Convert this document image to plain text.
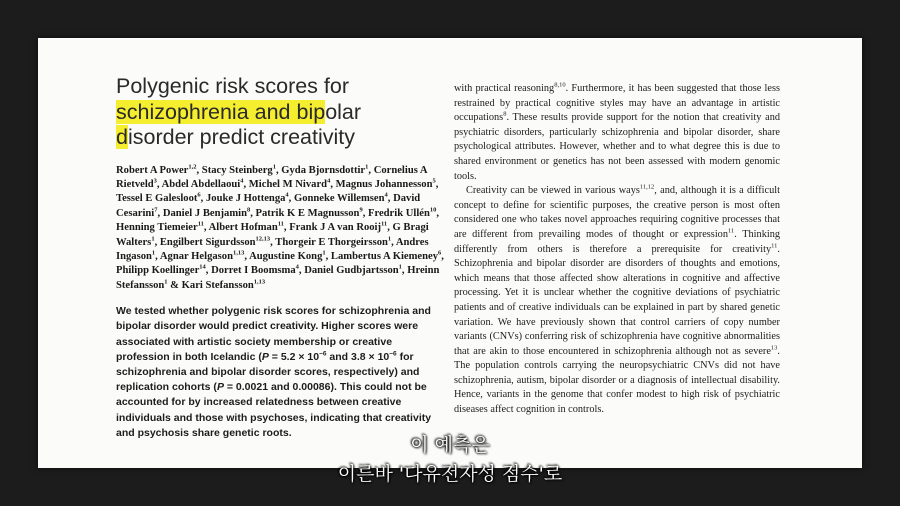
Polygenic risk scores for schizophrenia and bipolar
disorder predict creativity
Robert A Power$^{1,2}$, Stacy Steinberg$^1$, Gyda Bjornsdottir$^1$, Cornelius A Rietveld$^3$, Abdel Abdellaoui$^4$, Michel M Nivard$^4$, Magnus Johannesson$^5$, Tessel E Galesloot$^6$, Jouke J Hottenga$^4$, Gonneke Willemsen$^4$, David Cesarini$^7$, Daniel J Benjamin$^8$, Patrik K E Magnusson$^9$, Fredrik Ullén$^{10}$, Henning Tiemeier$^{11}$, Albert Hofman$^{11}$, Frank J A van Rooij$^{11}$, G Bragi Walters$^1$, Engilbert Sigurdsson$^{12,13}$, Thorgeir E Thorgeirsson$^1$, Andres Ingason$^1$, Agnar Helgason$^{1,13}$, Augustine Kong$^1$, Lambertus A Kiemeney$^6$, Philipp Koellinger$^{14}$, Dorret I Boomsma$^4$, Daniel Gudbjartsson$^1$, Hreinn Stefansson$^1$ & Kari Stefansson$^{1,13}$

We tested whether polygenic risk scores for schizophrenia and bipolar disorder would predict creativity. Higher scores were associated with artistic society membership or creative profession in both Icelandic ($P = 5.2 \times 10^{-6}$ and $3.8 \times 10^{-6}$ for schizophrenia and bipolar disorder scores, respectively) and replication cohorts (P = 0.0021 and 0.00086). This could not be accounted for by increased relatedness between creative individuals and those with psychoses, indicating that creativity and psychosis share genetic roots.

with practical reasoning$^{8,10}$. Furthermore, it has been suggested that those less restrained by practical cognitive styles may have an advantage in artistic occupations$^8$. These results provide support for the notion that creativity and psychiatric disorders, particularly schizophrenia and bipolar disorder, share psychological attributes. However, whether and to what degree this is due to shared environment or genetics has not been assessed with modern genomic tools.

Creativity can be viewed in various ways$^{11,12}$, and, although it is a difficult concept to define for scientific purposes, the creative person is most often considered one who takes novel approaches requiring cognitive processes that are different from prevailing modes of thought or expression$^{11}$. Thinking differently from others is therefore a prerequisite for creativity$^{11}$. Schizophrenia and bipolar disorder are disorders of thoughts and emotions, which means that those affected show alterations in cognitive and affective processing. Yet it is unclear whether the cognitive deviations of psychiatric patients and of creative individuals can be explained in part by shared genetic variation. We have previously shown that control carriers of copy number variants (CNVs) conferring risk of schizophrenia have cognitive abnormalities that are akin to those encountered in schizophrenia although not as severe$^{13}$. The population controls carrying the neuropsychiatric CNVs did not have schizophrenia, autism, bipolar disorder or a diagnosis of intellectual disability. Hence, variants in the genome that confer modest to high risk of psychiatric diseases affect cognition in controls.

이 예측은
이른바 '다유전자성 점수'로
